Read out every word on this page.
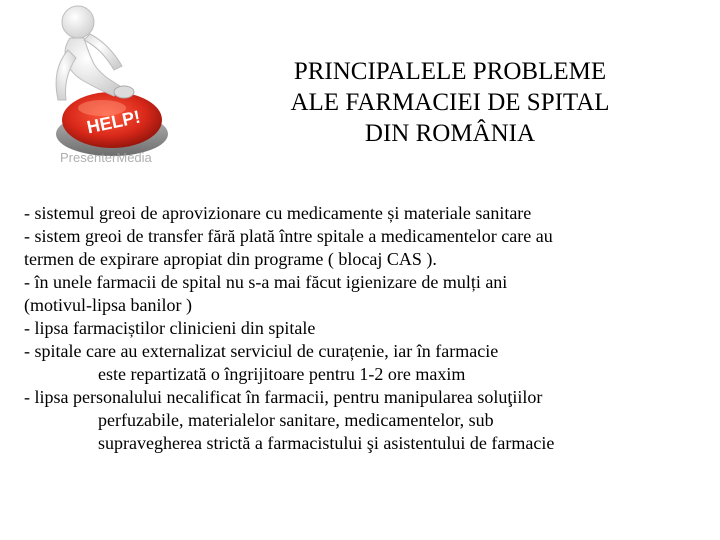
HELP!
PresenterMedia
PRINCIPALELE PROBLEME
ALE FARMACIEI DE SPITAL
DIN ROMÂNIA
- sistemul greoi de aprovizionare cu medicamente și materiale sanitare
- sistem greoi de transfer fără plată între spitale a medicamentelor care au
termen de expirare apropiat din programe ( blocaj CAS ).
- în unele farmacii de spital nu s-a mai făcut igienizare de mulți ani
(motivul-lipsa banilor )
- lipsa farmaciștilor clinicieni din spitale
- spitale care au externalizat serviciul de curațenie, iar în farmacie
este repartizată o îngrijitoare pentru 1-2 ore maxim
- lipsa personalului necalificat în farmacii, pentru manipularea soluţiilor
perfuzabile, materialelor sanitare, medicamentelor, sub
supravegherea strictă a farmacistului şi asistentului de farmacie
